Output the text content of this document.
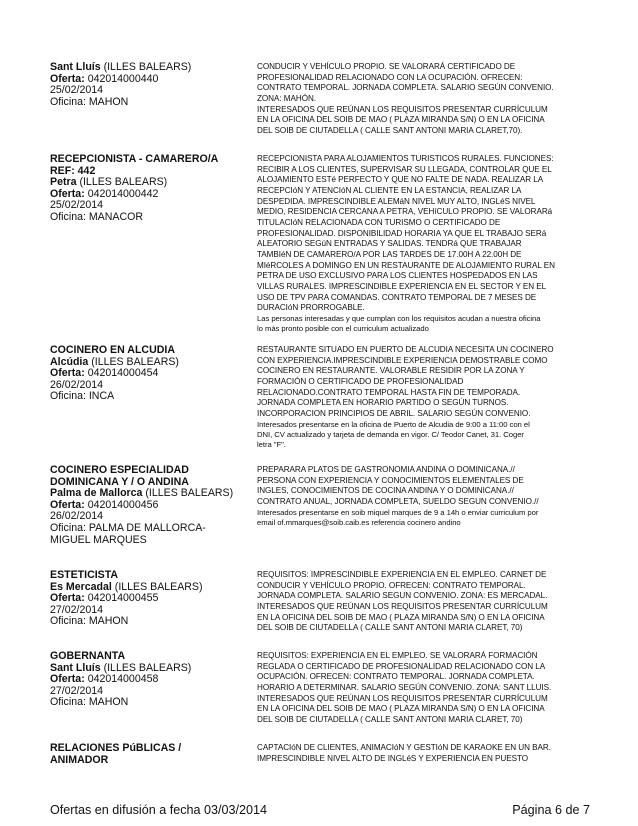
Sant Lluís (ILLES BALEARS)
Oferta: 042014000440
25/02/2014
Oficina: MAHON
CONDUCIR Y VEHÍCULO PROPIO. SE VALORARÁ CERTIFICADO DE
PROFESIONALIDAD RELACIONADO CON LA OCUPACIÓN. OFRECEN:
CONTRATO TEMPORAL. JORNADA COMPLETA. SALARIO SEGÚN CONVENIO.
ZONA: MAHÓN.
INTERESADOS QUE REÚNAN LOS REQUISITOS PRESENTAR CURRÍCULUM
EN LA OFICINA DEL SOIB DE MAO ( PLAZA MIRANDA S/N) O EN LA OFICINA
DEL SOIB DE CIUTADELLA ( CALLE SANT ANTONI MARIA CLARET,70).
RECEPCIONISTA - CAMARERO/A REF: 442
Petra (ILLES BALEARS)
Oferta: 042014000442
25/02/2014
Oficina: MANACOR
RECEPCIONISTA PARA ALOJAMIENTOS TURISTICOS RURALES. FUNCIONES:
RECIBIR A LOS CLIENTES, SUPERVISAR SU LLEGADA, CONTROLAR QUE EL
ALOJAMIENTO ESTé PERFECTO Y QUE NO FALTE DE NADA. REALIZAR LA
RECEPCIóN Y ATENCIóN AL CLIENTE EN LA ESTANCIA, REALIZAR LA
DESPEDIDA. IMPRESCINDIBLE ALEMáN NIVEL MUY ALTO, INGLéS NIVEL
MEDIO, RESIDENCIA CERCANA A PETRA, VEHíCULO PROPIO. SE VALORARá
TITULACIóN RELACIONADA CON TURISMO O CERTIFICADO DE
PROFESIONALIDAD. DISPONIBILIDAD HORARIA YA QUE EL TRABAJO SERá
ALEATORIO SEGúN ENTRADAS Y SALIDAS. TENDRá QUE TRABAJAR
TAMBIéN DE CAMARERO/A POR LAS TARDES DE 17.00H A 22.00H DE
MIéRCOLES A DOMINGO EN UN RESTAURANTE DE ALOJAMIENTO RURAL EN
PETRA DE USO EXCLUSIVO PARA LOS CLIENTES HOSPEDADOS EN LAS
VILLAS RURALES. IMPRESCINDIBLE EXPERIENCIA EN EL SECTOR Y EN EL
USO DE TPV PARA COMANDAS. CONTRATO TEMPORAL DE 7 MESES DE
DURACIóN PRORROGABLE.
Las personas interesadas y que cumplan con los requisitos acudan a nuestra oficina
lo más pronto posible con el curriculum actualizado
COCINERO EN ALCUDIA
Alcúdia (ILLES BALEARS)
Oferta: 042014000454
26/02/2014
Oficina: INCA
RESTAURANTE SITUADO EN PUERTO DE ALCUDIA NECESITA UN COCINERO
CON EXPERIENCIA.IMPRESCINDIBLE EXPERIENCIA DEMOSTRABLE COMO
COCINERO EN RESTAURANTE. VALORABLE RESIDIR POR LA ZONA Y
FORMACIÓN O CERTIFICADO DE PROFESIONALIDAD
RELACIONADO.CONTRATO TEMPORAL HASTA FIN DE TEMPORADA.
JORNADA COMPLETA EN HORARIO PARTIDO O SEGÚN TURNOS.
INCORPORACION PRINCIPIOS DE ABRIL. SALARIO SEGÚN CONVENIO.
Interesados presentarse en la oficina de Puerto de Alcudia de 9:00 a 11:00 con el
DNI, CV actualizado y tarjeta de demanda en vigor. C/ Teodor Canet, 31. Coger
letra "F".
COCINERO ESPECIALIDAD DOMINICANA Y / O ANDINA
Palma de Mallorca (ILLES BALEARS)
Oferta: 042014000456
26/02/2014
Oficina: PALMA DE MALLORCA-MIGUEL MARQUES
PREPARARA PLATOS DE GASTRONOMIA ANDINA O DOMINICANA.//
PERSONA CON EXPERIENCIA Y CONOCIMIENTOS ELEMENTALES DE
INGLES, CONOCIMIENTOS DE COCINA ANDINA Y O DOMINICANA.//
CONTRATO ANUAL, JORNADA COMPLETA, SUELDO SEGUN CONVENIO.//
Interesados presentarse en soib miquel marques de 9 a 14h o enviar curriculum por
email of.mmarques@soib.caib.es referencia cocinero andino
ESTETICISTA
Es Mercadal (ILLES BALEARS)
Oferta: 042014000455
27/02/2014
Oficina: MAHON
REQUISITOS: IMPRESCINDIBLE EXPERIENCIA EN EL EMPLEO. CARNET DE
CONDUCIR Y VEHÍCULO PROPIO. OFRECEN: CONTRATO TEMPORAL.
JORNADA COMPLETA. SALARIO SEGUN CONVENIO. ZONA: ES MERCADAL.
INTERESADOS QUE REÚNAN LOS REQUISITOS PRESENTAR CURRÍCULUM
EN LA OFICINA DEL SOIB DE MAO ( PLAZA MIRANDA S/N) O EN LA OFICINA
DEL SOIB DE CIUTADELLA ( CALLE SANT ANTONI MARIA CLARET, 70)
GOBERNANTA
Sant Lluís (ILLES BALEARS)
Oferta: 042014000458
27/02/2014
Oficina: MAHON
REQUISITOS: EXPERIENCIA EN EL EMPLEO. SE VALORARÁ FORMACIÓN
REGLADA O CERTIFICADO DE PROFESIONALIDAD RELACIONADO CON LA
OCUPACIÓN. OFRECEN: CONTRATO TEMPORAL. JORNADA COMPLETA.
HORARIO A DETERMINAR. SALARIO SEGÚN CONVENIO. ZONA: SANT LLUIS.
INTERESADOS QUE REÚNAN LOS REQUISITOS PRESENTAR CURRÍCULUM
EN LA OFICINA DEL SOIB DE MAO ( PLAZA MIRANDA S/N) O EN LA OFICINA
DEL SOIB DE CIUTADELLA ( CALLE SANT ANTONI MARIA CLARET, 70)
RELACIONES PúBLICAS / ANIMADOR
CAPTACIóN DE CLIENTES, ANIMACIóN Y GESTIóN DE KARAOKE EN UN BAR.
IMPRESCINDIBLE NIVEL ALTO DE INGLéS Y EXPERIENCIA EN PUESTO
Ofertas en difusión a fecha 03/03/2014	Página 6 de 7
